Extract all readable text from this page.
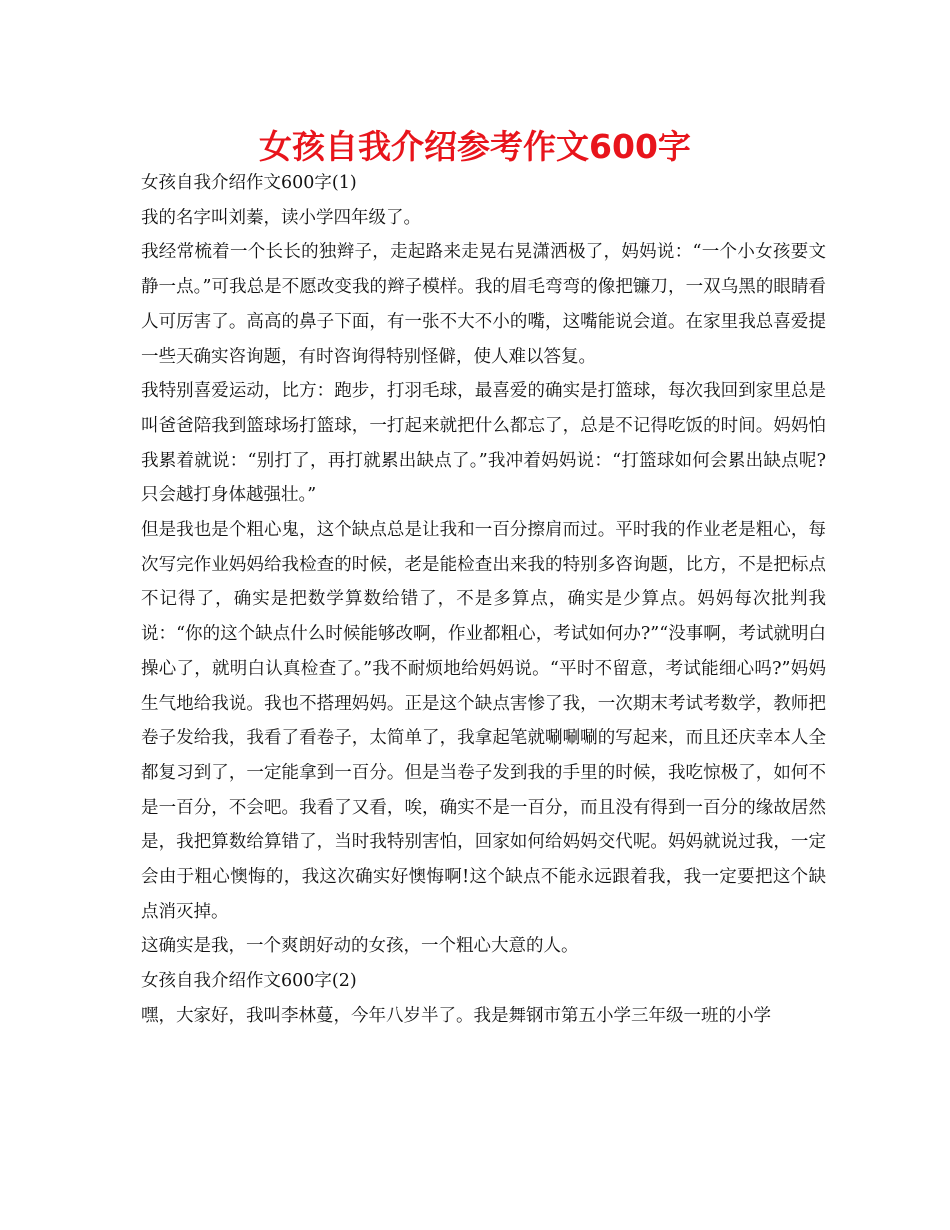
女孩自我介绍参考作文600字

女孩自我介绍作文600字(1)

我的名字叫刘蓁，读小学四年级了。

我经常梳着一个长长的独辫子，走起路来走晃右晃潇洒极了，妈妈说：“一个小女孩要文静一点。”可我总是不愿改变我的辫子模样。我的眉毛弯弯的像把镰刀，一双乌黑的眼睛看人可厉害了。高高的鼻子下面，有一张不大不小的嘴，这嘴能说会道。在家里我总喜爱提一些天确实咨询题，有时咨询得特别怪僻，使人难以答复。

我特别喜爱运动，比方：跑步，打羽毛球，最喜爱的确实是打篮球，每次我回到家里总是叫爸爸陪我到篮球场打篮球，一打起来就把什么都忘了，总是不记得吃饭的时间。妈妈怕我累着就说：“别打了，再打就累出缺点了。”我冲着妈妈说：“打篮球如何会累出缺点呢?只会越打身体越强壮。”

但是我也是个粗心鬼，这个缺点总是让我和一百分擦肩而过。平时我的作业老是粗心，每次写完作业妈妈给我检查的时候，老是能检查出来我的特别多咨询题，比方，不是把标点不记得了，确实是把数学算数给错了，不是多算点，确实是少算点。妈妈每次批判我说：“你的这个缺点什么时候能够改啊，作业都粗心，考试如何办?”“没事啊，考试就明白操心了，就明白认真检查了。”我不耐烦地给妈妈说。“平时不留意，考试能细心吗?”妈妈生气地给我说。我也不搭理妈妈。正是这个缺点害惨了我，一次期末考试考数学，教师把卷子发给我，我看了看卷子，太简单了，我拿起笔就唰唰唰的写起来，而且还庆幸本人全都复习到了，一定能拿到一百分。但是当卷子发到我的手里的时候，我吃惊极了，如何不是一百分，不会吧。我看了又看，唉，确实不是一百分，而且没有得到一百分的缘故居然是，我把算数给算错了，当时我特别害怕，回家如何给妈妈交代呢。妈妈就说过我，一定会由于粗心懊悔的，我这次确实好懊悔啊!这个缺点不能永远跟着我，我一定要把这个缺点消灭掉。

这确实是我，一个爽朗好动的女孩，一个粗心大意的人。

女孩自我介绍作文600字(2)

嘿，大家好，我叫李林蔓，今年八岁半了。我是舞钢市第五小学三年级一班的小学
